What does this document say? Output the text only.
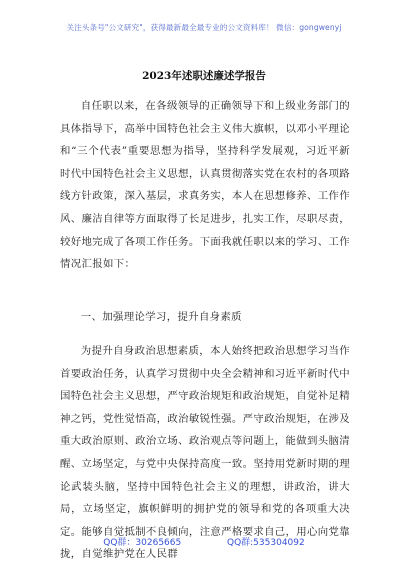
关注头条号"公文研究"，获得最新最全最专业的公文资料库！ 微信：gongwenyj
2023年述职述廉述学报告

自任职以来，在各级领导的正确领导下和上级业务部门的具体指导下，高举中国特色社会主义伟大旗帜，以邓小平理论和“三个代表”重要思想为指导，坚持科学发展观，习近平新时代中国特色社会主义思想，认真贯彻落实党在农村的各项路线方针政策，深入基层，求真务实，本人在思想修养、工作作风、廉洁自律等方面取得了长足进步，扎实工作，尽职尽责，较好地完成了各项工作任务。下面我就任职以来的学习、工作情况汇报如下：

一、加强理论学习，提升自身素质

为提升自身政治思想素质，本人始终把政治思想学习当作首要政治任务，认真学习贯彻中央全会精神和习近平新时代中国特色社会主义思想，严守政治规矩和政治规矩，自觉补足精神之钙，党性觉悟高，政治敏锐性强。严守政治规矩，在涉及重大政治原则、政治立场、政治观点等问题上，能做到头脑清醒、立场坚定，与党中央保持高度一致。坚持用党新时期的理论武装头脑，坚持中国特色社会主义的理想，讲政治，讲大局，立场坚定，旗帜鲜明的拥护党的领导和党的各项重大决定。能够自觉抵制不良倾向，注意严格要求自己，用心向党靠拢，自觉维护党在人民群

QQ群：30265665	QQ群:535304092
